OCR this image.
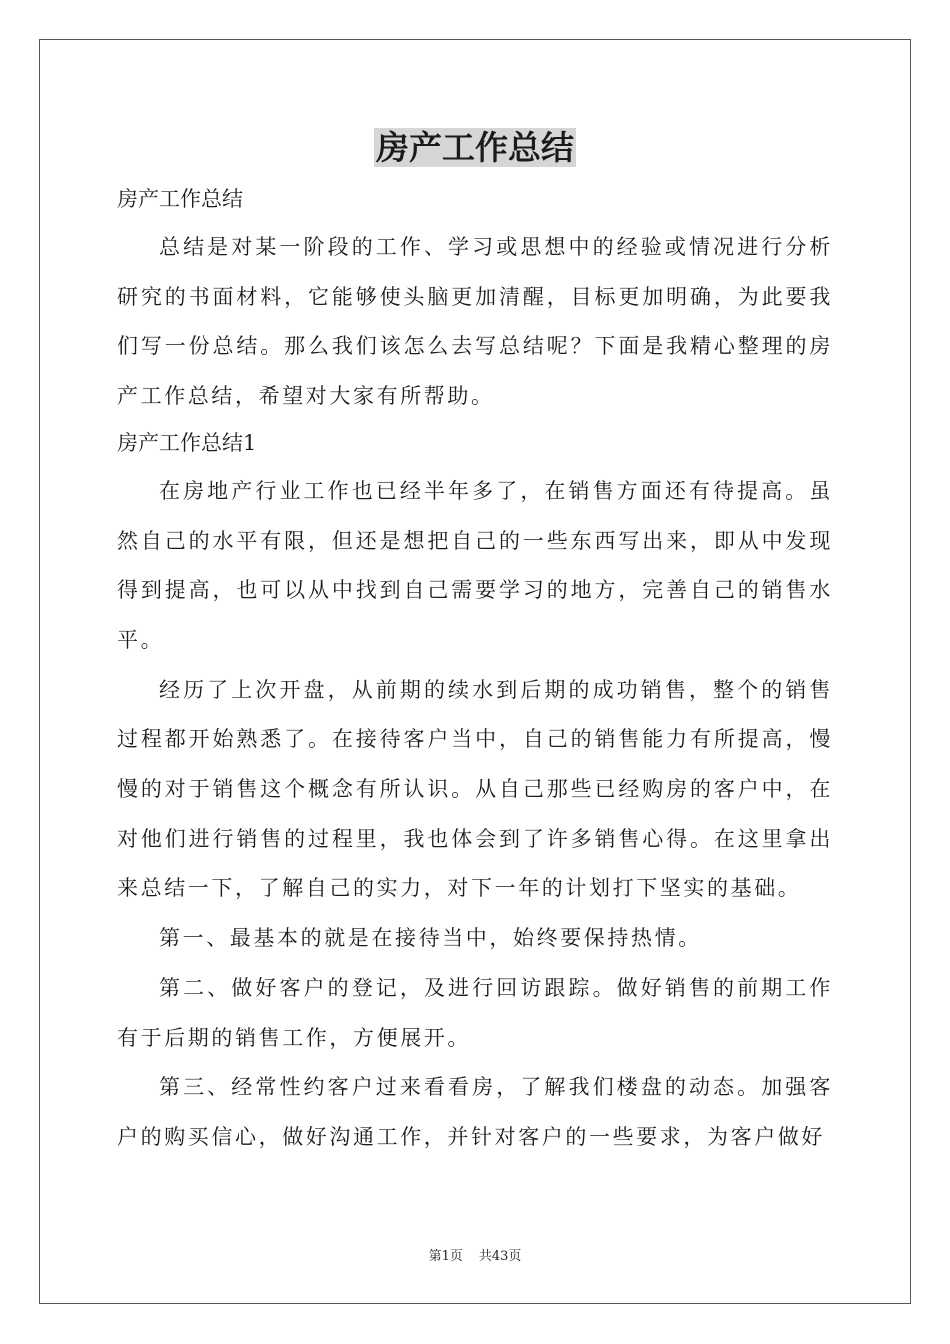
房产工作总结

房产工作总结

总结是对某一阶段的工作、学习或思想中的经验或情况进行分析研究的书面材料，它能够使头脑更加清醒，目标更加明确，为此要我们写一份总结。那么我们该怎么去写总结呢？下面是我精心整理的房产工作总结，希望对大家有所帮助。

房产工作总结1

在房地产行业工作也已经半年多了，在销售方面还有待提高。虽然自己的水平有限，但还是想把自己的一些东西写出来，即从中发现得到提高，也可以从中找到自己需要学习的地方，完善自己的销售水平。

经历了上次开盘，从前期的续水到后期的成功销售，整个的销售过程都开始熟悉了。在接待客户当中，自己的销售能力有所提高，慢慢的对于销售这个概念有所认识。从自己那些已经购房的客户中，在对他们进行销售的过程里，我也体会到了许多销售心得。在这里拿出来总结一下，了解自己的实力，对下一年的计划打下坚实的基础。

第一、最基本的就是在接待当中，始终要保持热情。

第二、做好客户的登记，及进行回访跟踪。做好销售的前期工作有于后期的销售工作，方便展开。

第三、经常性约客户过来看看房，了解我们楼盘的动态。加强客户的购买信心，做好沟通工作，并针对客户的一些要求，为客户做好

第1页 共43页
